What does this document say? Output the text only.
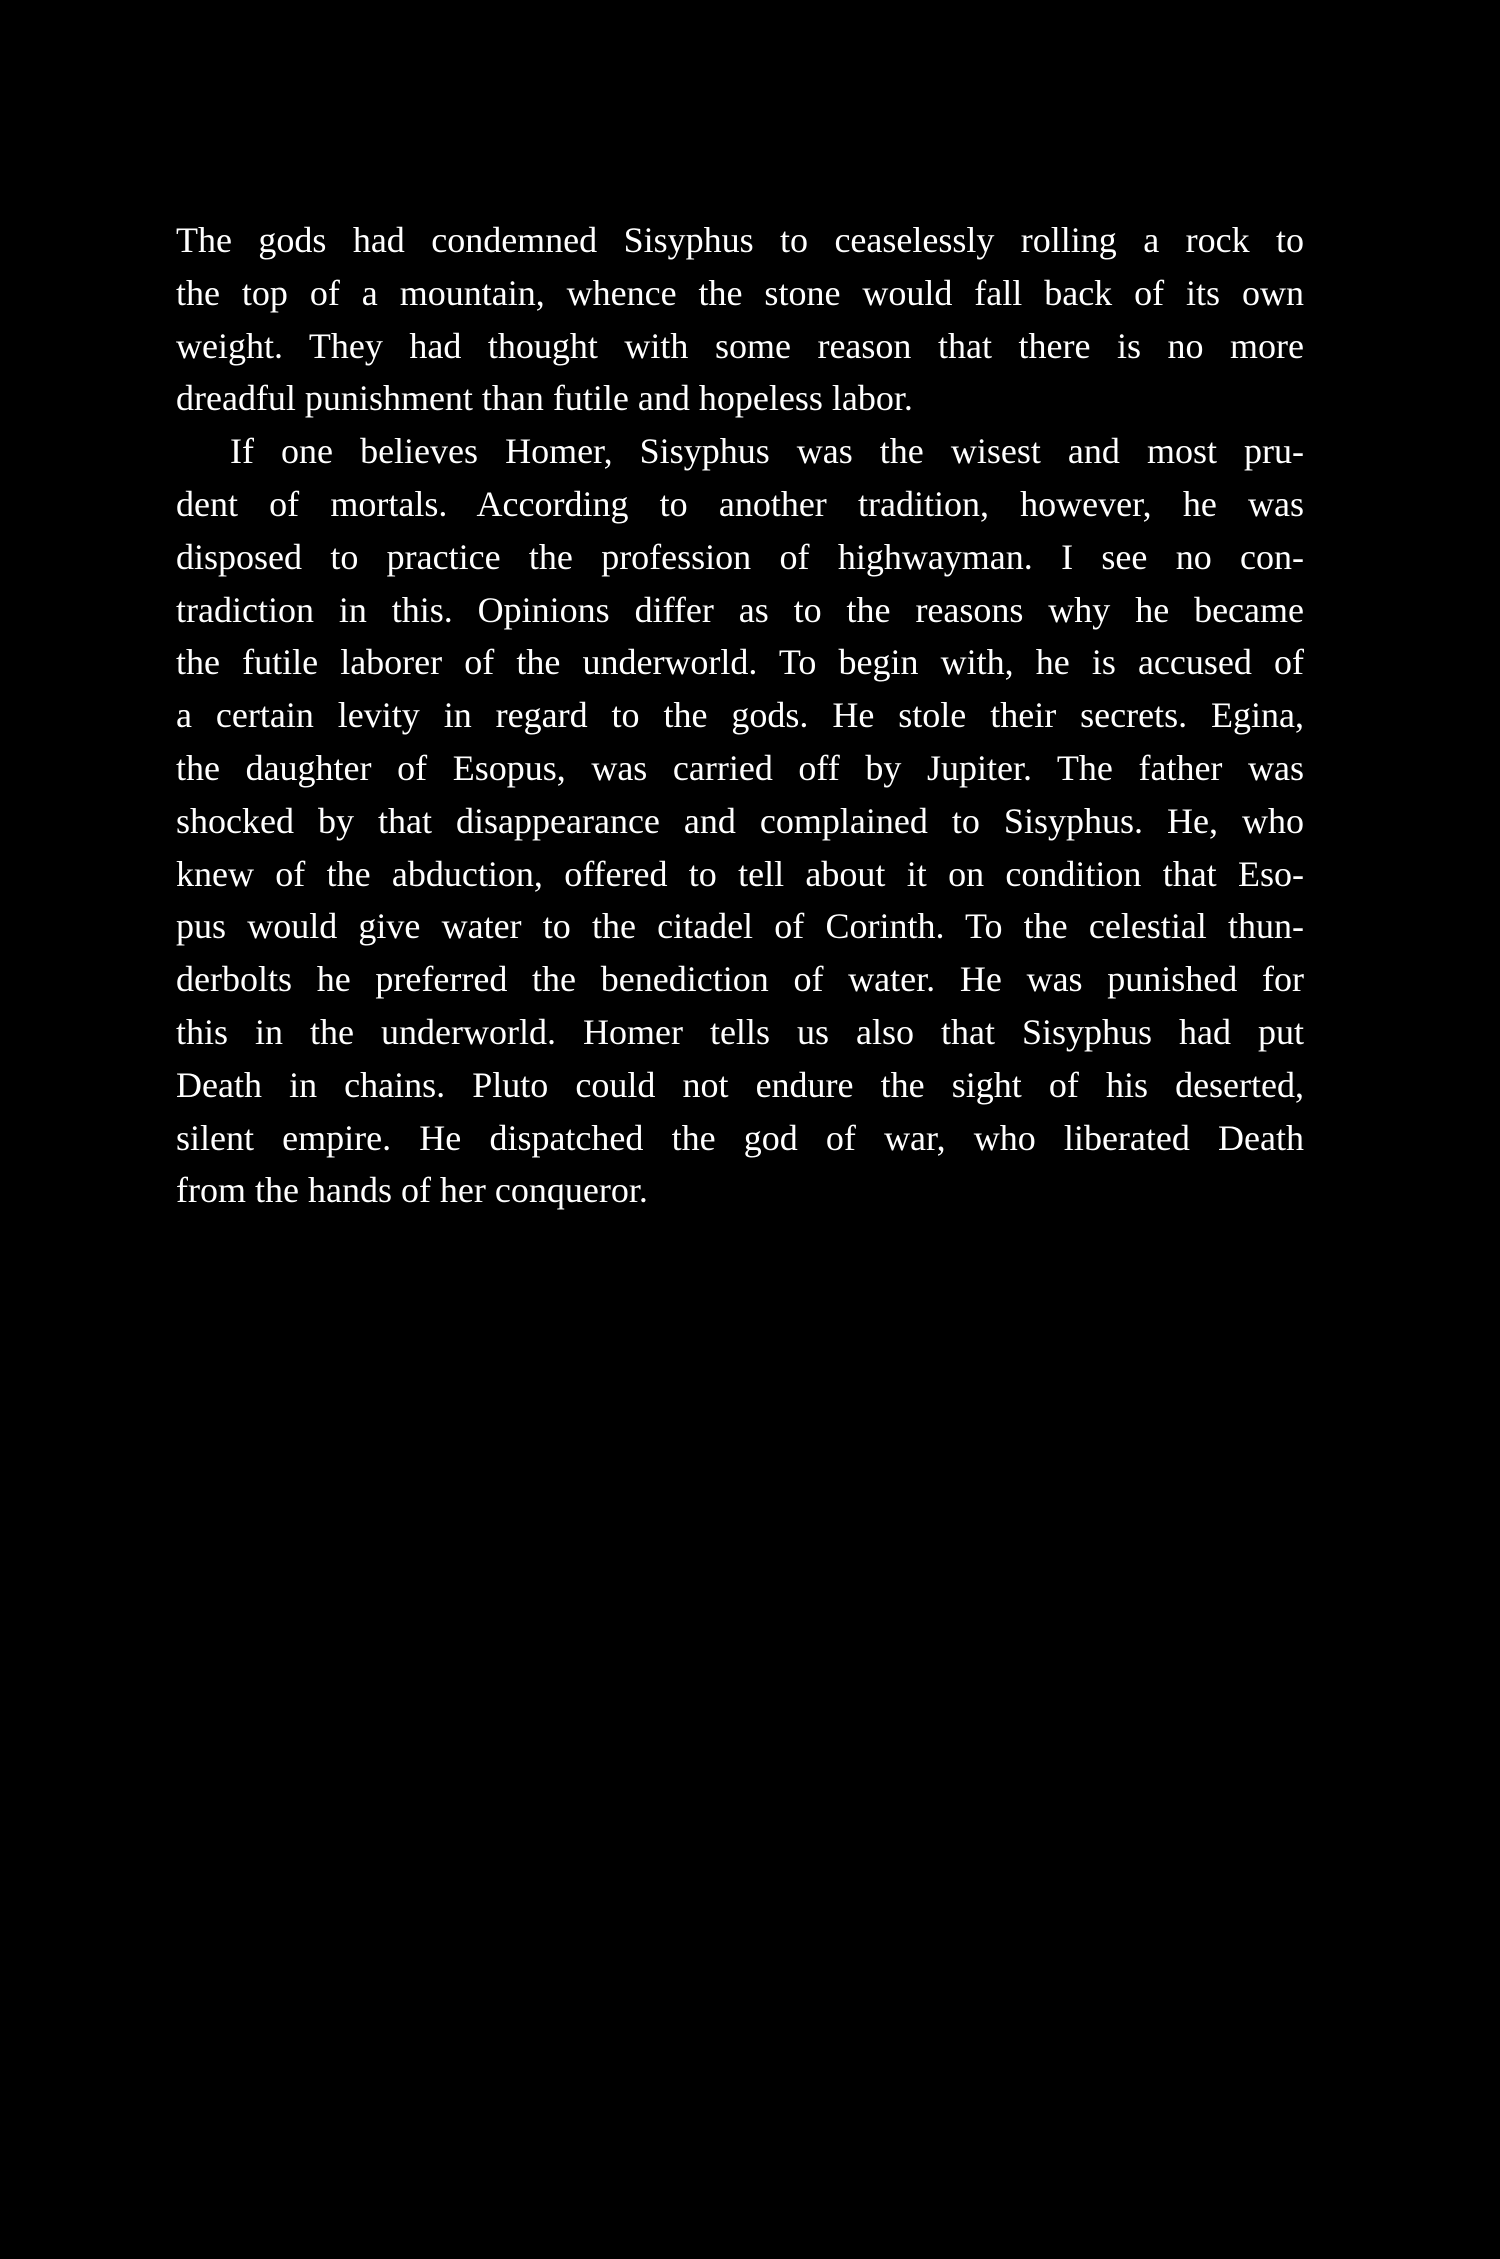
The gods had condemned Sisyphus to ceaselessly rolling a rock to
the top of a mountain, whence the stone would fall back of its own
weight. They had thought with some reason that there is no more
dreadful punishment than futile and hopeless labor.
If one believes Homer, Sisyphus was the wisest and most pru-
dent of mortals. According to another tradition, however, he was
disposed to practice the profession of highwayman. I see no con-
tradiction in this. Opinions differ as to the reasons why he became
the futile laborer of the underworld. To begin with, he is accused of
a certain levity in regard to the gods. He stole their secrets. Egina,
the daughter of Esopus, was carried off by Jupiter. The father was
shocked by that disappearance and complained to Sisyphus. He, who
knew of the abduction, offered to tell about it on condition that Eso-
pus would give water to the citadel of Corinth. To the celestial thun-
derbolts he preferred the benediction of water. He was punished for
this in the underworld. Homer tells us also that Sisyphus had put
Death in chains. Pluto could not endure the sight of his deserted,
silent empire. He dispatched the god of war, who liberated Death
from the hands of her conqueror.
